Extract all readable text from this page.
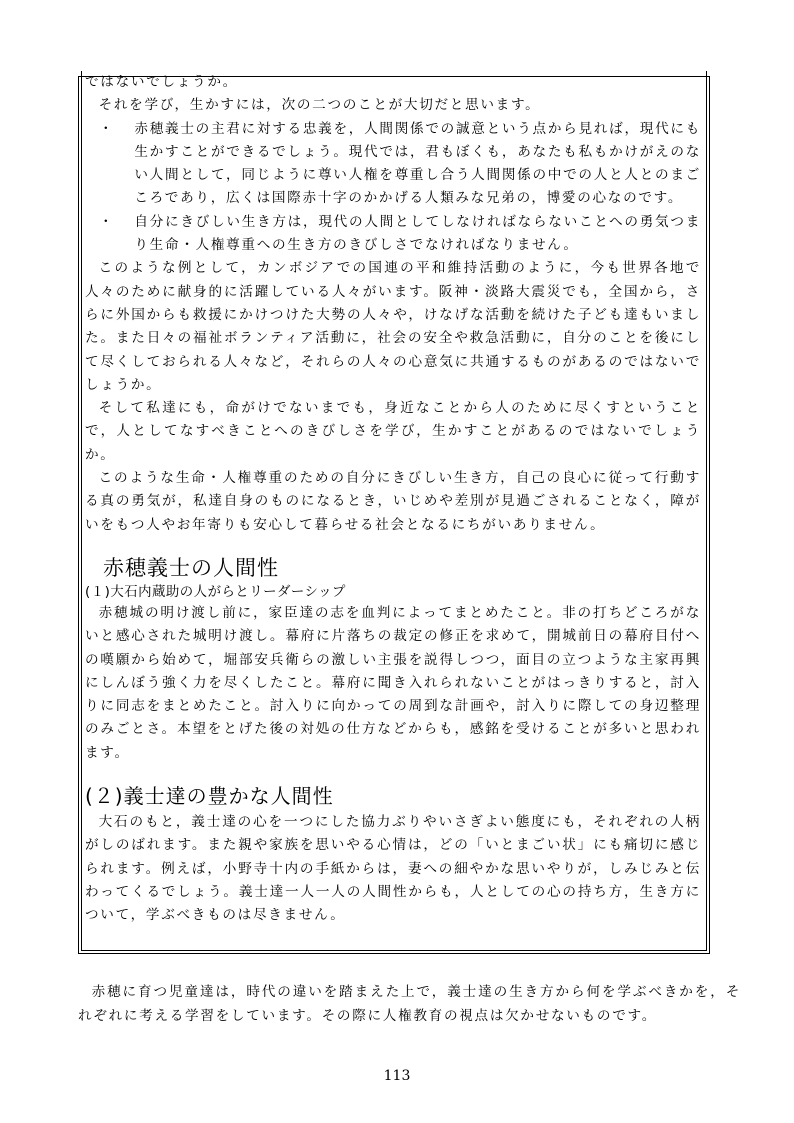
ではないでしょうか。

それを学び，生かすには，次の二つのことが大切だと思います。

・ 赤穂義士の主君に対する忠義を，人間関係での誠意という点から見れば，現代にも生かすことができるでしょう。現代では，君もぼくも，あなたも私もかけがえのない人間として，同じように尊い人権を尊重し合う人間関係の中での人と人とのまごころであり，広くは国際赤十字のかかげる人類みな兄弟の，博愛の心なのです。

・ 自分にきびしい生き方は，現代の人間としてしなければならないことへの勇気つまり生命・人権尊重への生き方のきびしさでなければなりません。

このような例として，カンボジアでの国連の平和維持活動のように，今も世界各地で人々のために献身的に活躍している人々がいます。阪神・淡路大震災でも，全国から，さらに外国からも救援にかけつけた大勢の人々や，けなげな活動を続けた子ども達もいました。また日々の福祉ボランティア活動に，社会の安全や救急活動に，自分のことを後にして尽くしておられる人々など，それらの人々の心意気に共通するものがあるのではないでしょうか。

そして私達にも，命がけでないまでも，身近なことから人のために尽くすということで，人としてなすべきことへのきびしさを学び，生かすことがあるのではないでしょうか。

このような生命・人権尊重のための自分にきびしい生き方，自己の良心に従って行動する真の勇気が，私達自身のものになるとき，いじめや差別が見過ごされることなく，障がいをもつ人やお年寄りも安心して暮らせる社会となるにちがいありません。

赤穂義士の人間性
(１)大石内蔵助の人がらとリーダーシップ

赤穂城の明け渡し前に，家臣達の志を血判によってまとめたこと。非の打ちどころがないと感心された城明け渡し。幕府に片落ちの裁定の修正を求めて，開城前日の幕府目付への嘆願から始めて，堀部安兵衛らの激しい主張を説得しつつ，面目の立つような主家再興にしんぼう強く力を尽くしたこと。幕府に聞き入れられないことがはっきりすると，討入りに同志をまとめたこと。討入りに向かっての周到な計画や，討入りに際しての身辺整理のみごとさ。本望をとげた後の対処の仕方などからも，感銘を受けることが多いと思われます。

(２)義士達の豊かな人間性

大石のもと，義士達の心を一つにした協力ぶりやいさぎよい態度にも，それぞれの人柄がしのばれます。また親や家族を思いやる心情は，どの「いとまごい状」にも痛切に感じられます。例えば，小野寺十内の手紙からは，妻への細やかな思いやりが，しみじみと伝わってくるでしょう。義士達一人一人の人間性からも，人としての心の持ち方，生き方について，学ぶべきものは尽きません。

赤穂に育つ児童達は，時代の違いを踏まえた上で，義士達の生き方から何を学ぶべきかを，それぞれに考える学習をしています。その際に人権教育の視点は欠かせないものです。

113
